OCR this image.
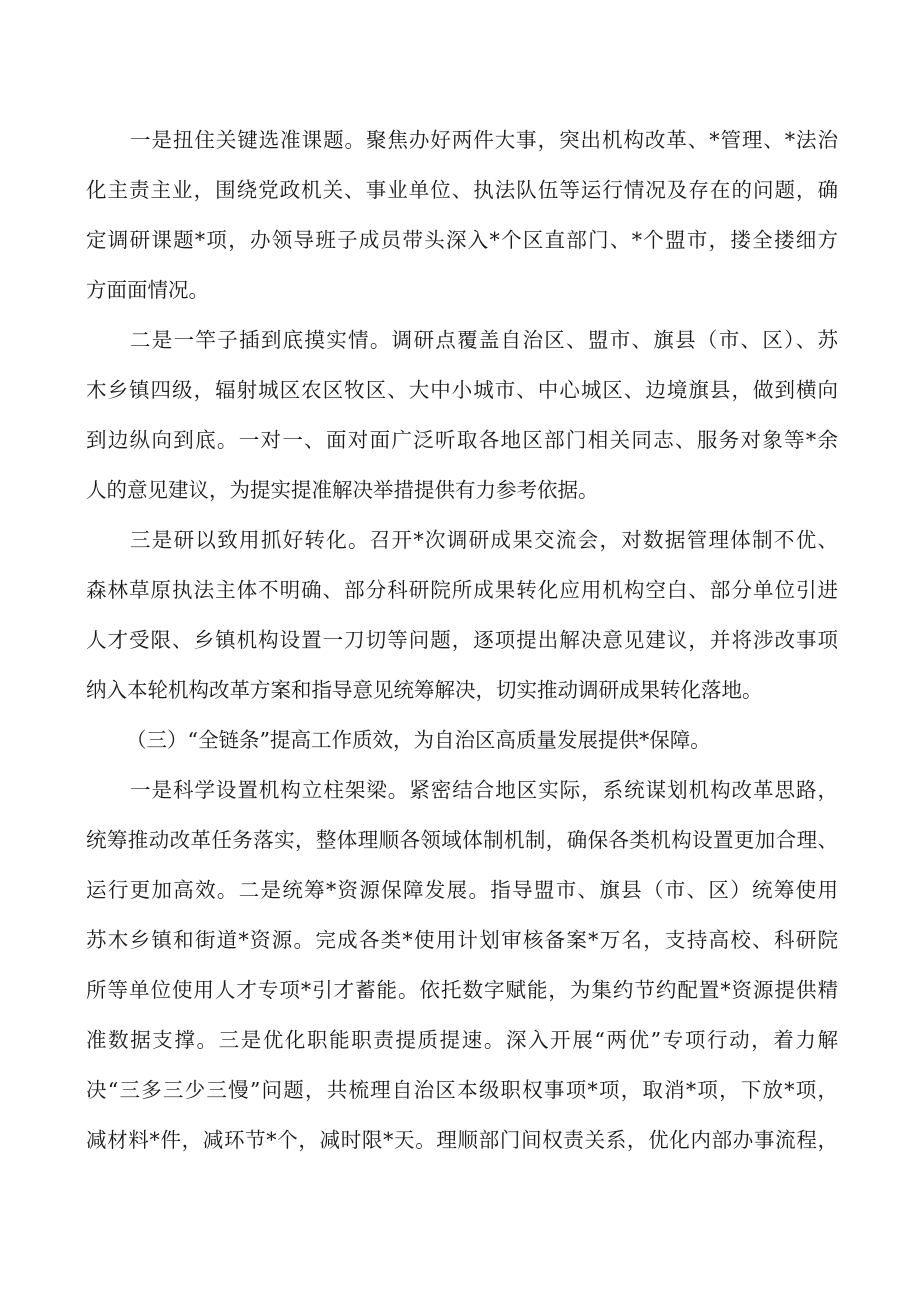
一是扭住关键选准课题。聚焦办好两件大事，突出机构改革、*管理、*法治
化主责主业，围绕党政机关、事业单位、执法队伍等运行情况及存在的问题，确
定调研课题*项，办领导班子成员带头深入*个区直部门、*个盟市，搂全搂细方
方面面情况。
二是一竿子插到底摸实情。调研点覆盖自治区、盟市、旗县（市、区）、苏
木乡镇四级，辐射城区农区牧区、大中小城市、中心城区、边境旗县，做到横向
到边纵向到底。一对一、面对面广泛听取各地区部门相关同志、服务对象等*余
人的意见建议，为提实提准解决举措提供有力参考依据。
三是研以致用抓好转化。召开*次调研成果交流会，对数据管理体制不优、
森林草原执法主体不明确、部分科研院所成果转化应用机构空白、部分单位引进
人才受限、乡镇机构设置一刀切等问题，逐项提出解决意见建议，并将涉改事项
纳入本轮机构改革方案和指导意见统筹解决，切实推动调研成果转化落地。
（三）“全链条”提高工作质效，为自治区高质量发展提供*保障。
一是科学设置机构立柱架梁。紧密结合地区实际，系统谋划机构改革思路，
统筹推动改革任务落实，整体理顺各领域体制机制，确保各类机构设置更加合理、
运行更加高效。二是统筹*资源保障发展。指导盟市、旗县（市、区）统筹使用
苏木乡镇和街道*资源。完成各类*使用计划审核备案*万名，支持高校、科研院
所等单位使用人才专项*引才蓄能。依托数字赋能，为集约节约配置*资源提供精
准数据支撑。三是优化职能职责提质提速。深入开展“两优”专项行动，着力解
决“三多三少三慢”问题，共梳理自治区本级职权事项*项，取消*项，下放*项，
减材料*件，减环节*个，减时限*天。理顺部门间权责关系，优化内部办事流程，
